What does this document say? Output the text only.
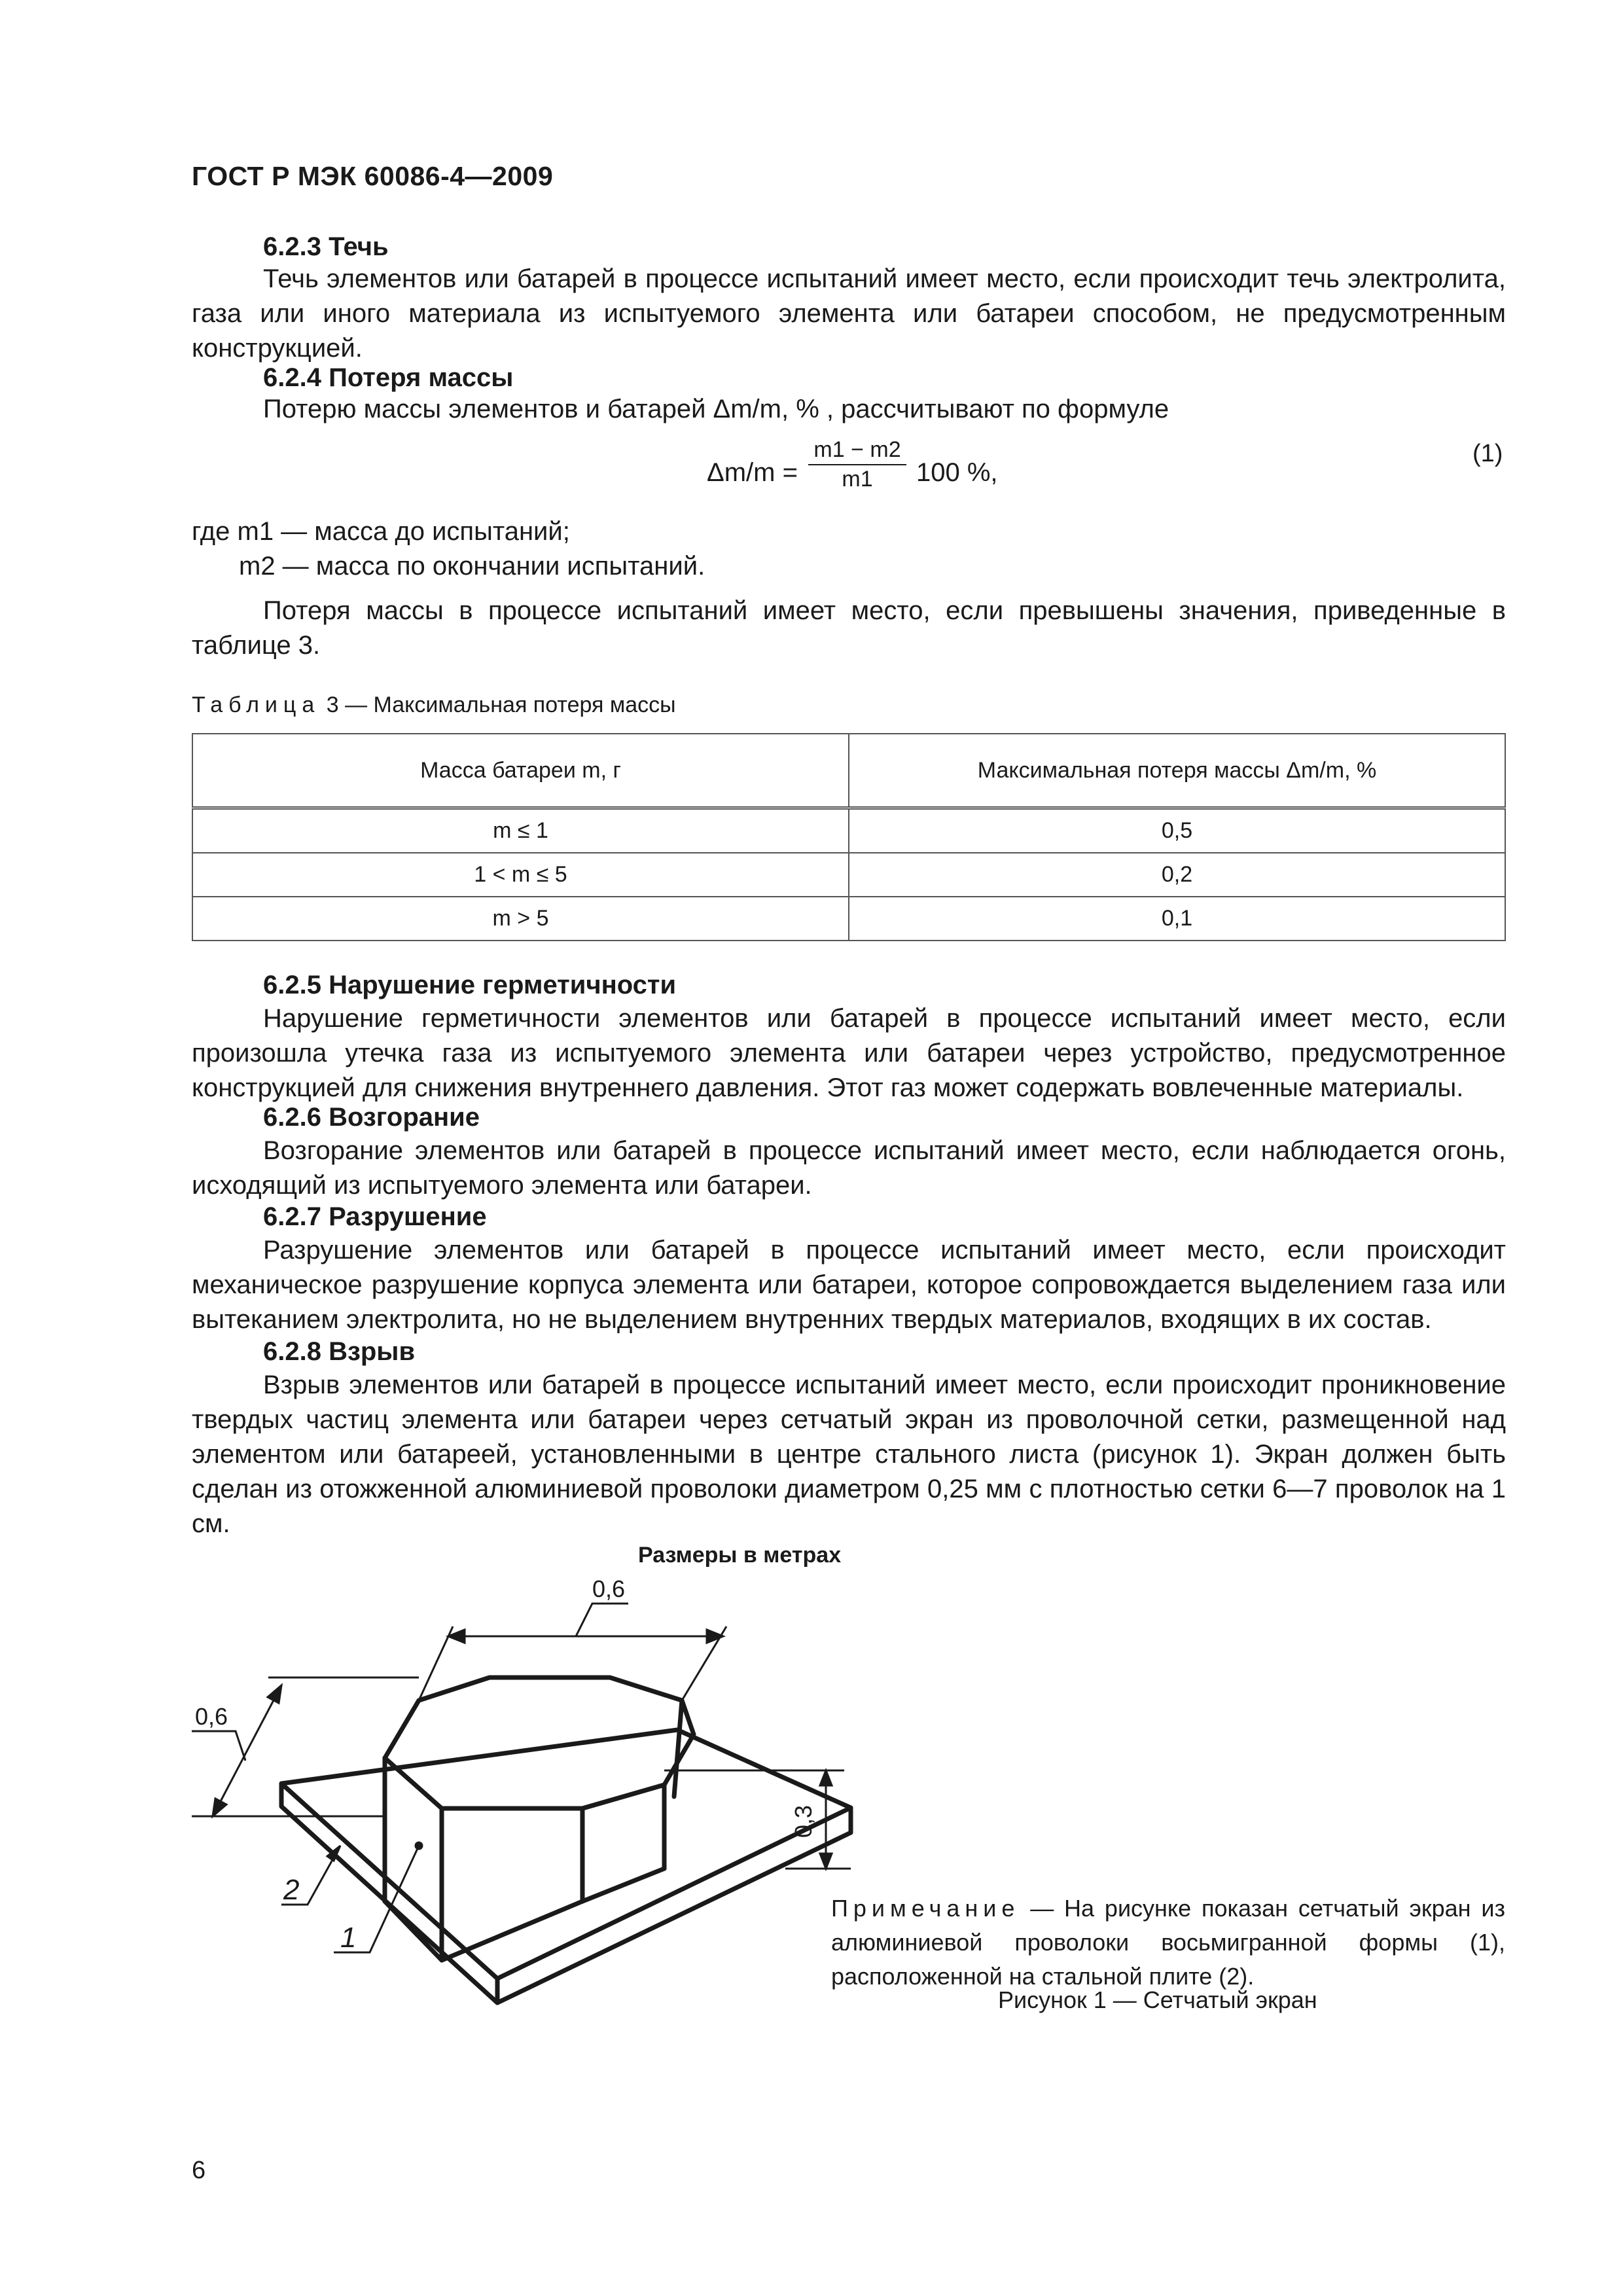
ГОСТ Р МЭК 60086-4—2009
6.2.3 Течь

Течь элементов или батарей в процессе испытаний имеет место, если происходит течь электролита, газа или иного материала из испытуемого элемента или батареи способом, не предусмотренным конструкцией.

6.2.4 Потеря массы
Потерю массы элементов и батарей Δm/m, % , рассчитывают по формуле
Δm/m =
m1 − m2
m1	100 %,
(1)
где m1 — масса до испытаний;
m2 — масса по окончании испытаний.

Потеря массы в процессе испытаний имеет место, если превышены значения, приведенные в таблице 3.

Таблица 3 — Максимальная потеря массы
Масса батареи m, г	Максимальная потеря массы Δm/m, %
m ≤ 1	0,5
1 < m ≤ 5	0,2
m > 5	0,1
6.2.5 Нарушение герметичности

Нарушение герметичности элементов или батарей в процессе испытаний имеет место, если произошла утечка газа из испытуемого элемента или батареи через устройство, предусмотренное конструкцией для снижения внутреннего давления. Этот газ может содержать вовлеченные материалы.

6.2.6 Возгорание

Возгорание элементов или батарей в процессе испытаний имеет место, если наблюдается огонь, исходящий из испытуемого элемента или батареи.

6.2.7 Разрушение

Разрушение элементов или батарей в процессе испытаний имеет место, если происходит механическое разрушение корпуса элемента или батареи, которое сопровождается выделением газа или вытеканием электролита, но не выделением внутренних твердых материалов, входящих в их состав.

6.2.8 Взрыв

Взрыв элементов или батарей в процессе испытаний имеет место, если происходит проникновение твердых частиц элемента или батареи через сетчатый экран из проволочной сетки, размещенной над элементом или батареей, установленными в центре стального листа (рисунок 1). Экран должен быть сделан из отожженной алюминиевой проволоки диаметром 0,25 мм с плотностью сетки 6—7 проволок на 1 см.

Размеры в метрах
0,6
0,6
0,3
1
2

Примечание — На рисунке показан сетчатый экран из алюминиевой проволоки восьмигранной формы (1), расположенной на стальной плите (2).

Рисунок 1 — Сетчатый экран
6
